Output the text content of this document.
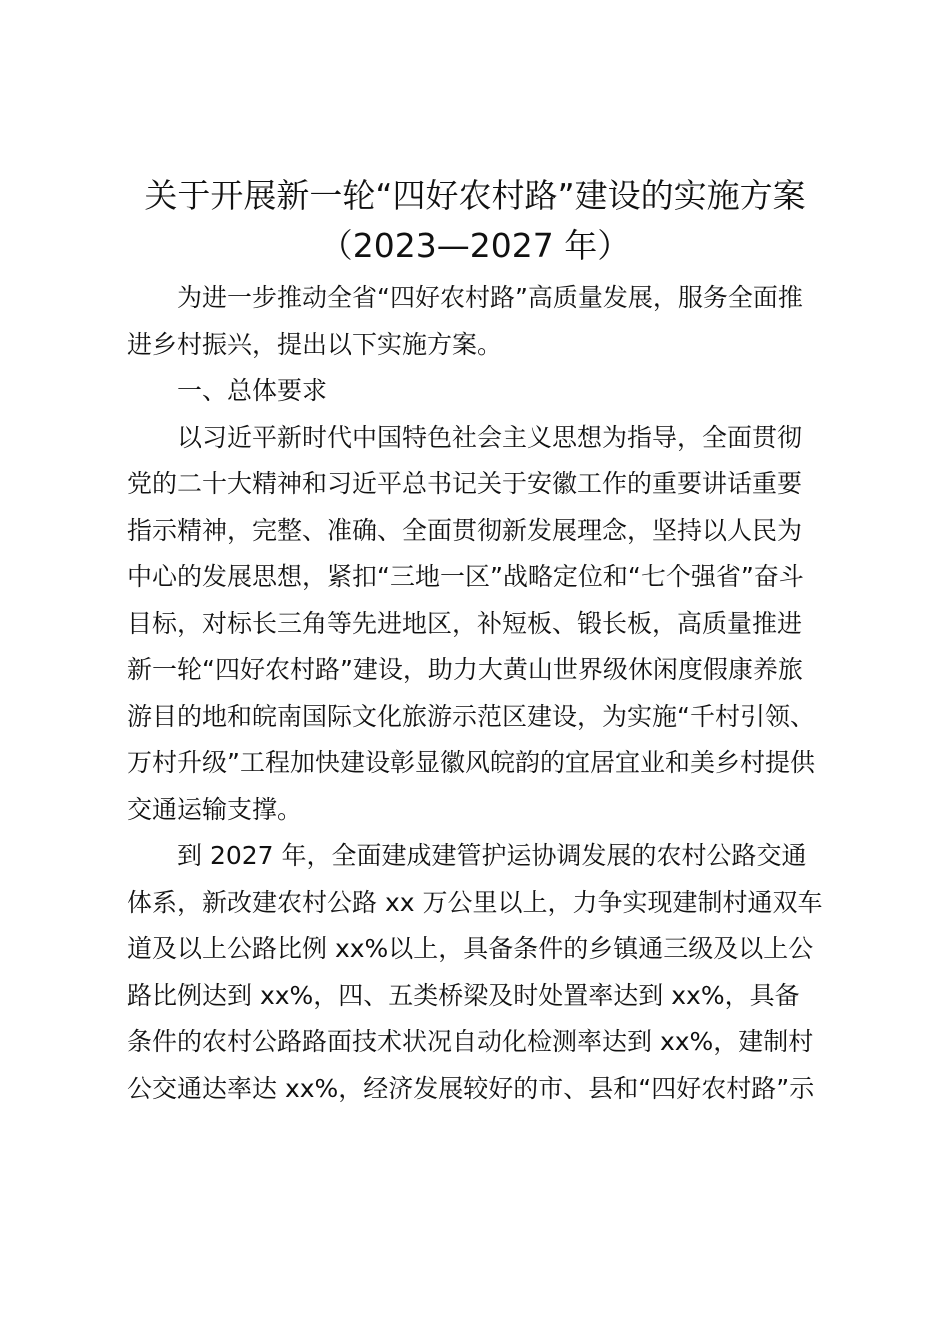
关于开展新一轮“四好农村路”建设的实施方案
（2023—2027 年）
为进一步推动全省“四好农村路”高质量发展，服务全面推
进乡村振兴，提出以下实施方案。
一、总体要求
以习近平新时代中国特色社会主义思想为指导，全面贯彻
党的二十大精神和习近平总书记关于安徽工作的重要讲话重要
指示精神，完整、准确、全面贯彻新发展理念，坚持以人民为
中心的发展思想，紧扣“三地一区”战略定位和“七个强省”奋斗
目标，对标长三角等先进地区，补短板、锻长板，高质量推进
新一轮“四好农村路”建设，助力大黄山世界级休闲度假康养旅
游目的地和皖南国际文化旅游示范区建设，为实施“千村引领、
万村升级”工程加快建设彰显徽风皖韵的宜居宜业和美乡村提供
交通运输支撑。
到 2027 年，全面建成建管护运协调发展的农村公路交通
体系，新改建农村公路 xx 万公里以上，力争实现建制村通双车
道及以上公路比例 xx%以上，具备条件的乡镇通三级及以上公
路比例达到 xx%，四、五类桥梁及时处置率达到 xx%，具备
条件的农村公路路面技术状况自动化检测率达到 xx%，建制村
公交通达率达 xx%，经济发展较好的市、县和“四好农村路”示
